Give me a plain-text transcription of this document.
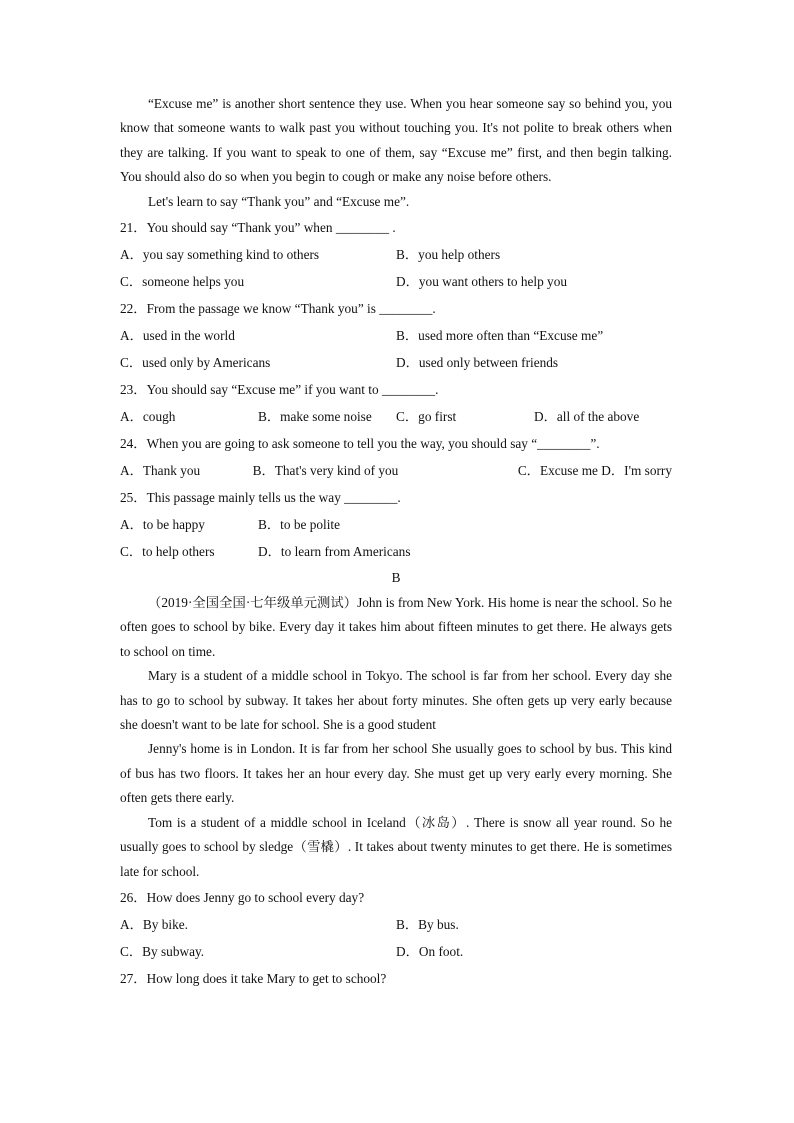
“Excuse me” is another short sentence they use. When you hear someone say so behind you, you know that someone wants to walk past you without touching you. It's not polite to break others when they are talking. If you want to speak to one of them, say “Excuse me” first, and then begin talking. You should also do so when you begin to cough or make any noise before others.

Let's learn to say “Thank you” and “Excuse me”.

21．You should say “Thank you” when ________ .

A．you say something kind to others	B．you help others
C．someone helps you	D．you want others to help you

22．From the passage we know “Thank you” is ________.

A．used in the world	B．used more often than “Excuse me”
C．used only by Americans	D．used only between friends

23．You should say “Excuse me” if you want to ________.

A．cough	B．make some noise	C．go first	D．all of the above

24．When you are going to ask someone to tell you the way, you should say “________”.

A．Thank you	B．That's very kind of you	C．Excuse me D．I'm sorry

25．This passage mainly tells us the way ________.

A．to be happy	B．to be polite
C．to help others	D．to learn from Americans

B

（2019·全国全国·七年级单元测试）John is from New York. His home is near the school. So he often goes to school by bike. Every day it takes him about fifteen minutes to get there. He always gets to school on time.

Mary is a student of a middle school in Tokyo. The school is far from her school. Every day she has to go to school by subway. It takes her about forty minutes. She often gets up very early because she doesn't want to be late for school. She is a good student

Jenny's home is in London. It is far from her school She usually goes to school by bus. This kind of bus has two floors. It takes her an hour every day. She must get up very early every morning. She often gets there early.

Tom is a student of a middle school in Iceland（冰岛）. There is snow all year round. So he usually goes to school by sledge（雪橇）. It takes about twenty minutes to get there. He is sometimes late for school.

26．How does Jenny go to school every day?

A．By bike.	B．By bus.
C．By subway.	D．On foot.

27．How long does it take Mary to get to school?
